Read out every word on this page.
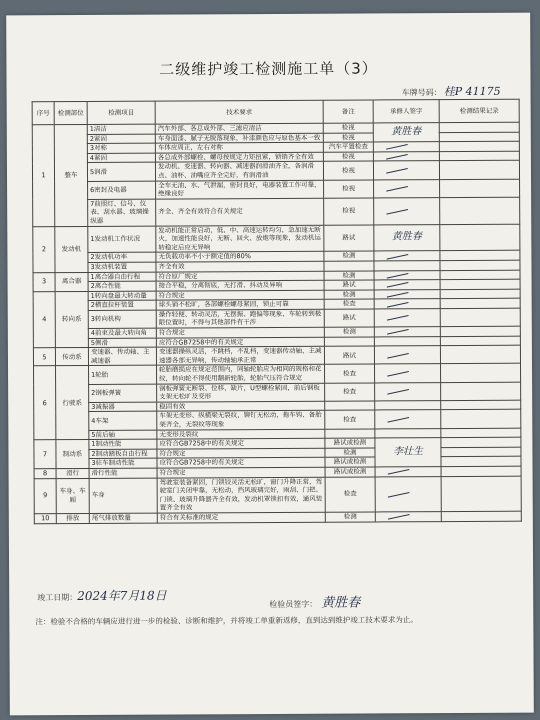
二级维护竣工检测施工单（3）
车牌号码： 桂P 41175
序号	检测部位	检测项目	技术要求	备注	承修人签字	检测结果记录
1	整车	1清洁	汽车外部、各总成外部、三滤应清洁	检视	黄胜春	
		2紧固	车身面漆、腻子无脱落现象，补漆颜色应与原色基本一致	检视		
		3对称	车体应周正，左右对称	汽车平置检查		
		4紧固	各总成外部螺栓、螺母按规定力矩扭紧，锁销齐全有效	检视		
		5润滑	发动机、变速器、转向器、减速器润滑油齐全，各润滑点、油杯、油嘴应齐全完好，有润滑油	检视		
		6密封及电器	全车无油、水、气泄漏，密封良好，电器装置工作可靠，绝缘良好	检视		
		7前照灯、信号、仪表、刮水器、玻璃操纵器	齐全、齐全有效符合有关规定	检视		
2	发动机	1发动机工作状况	发动机能正常启动，低、中、高速运转均匀，急加速无断火，加速性能良好，无断、回火、放炮等现象，发动机运转稳定后应无异响	路试	黄胜春	
		2发动机功率	无负载功率不小于额定值的80%	检测		
		3发动机装置	齐全有效			
3	离合器	1离合器自由行程	符合原厂规定	检测		
		2离合性能	接合平稳，分离彻底，无打滑、抖动及异响	路试		
4	转向系	1转向盘最大转动量	符合规定	检测		
		2横直拉杆装置	球头销不松旷，各部螺栓螺母紧固，锁止可靠	检查		
		3转向机构	操作轻便、转动灵活，无摆振、跑偏等现象，车轮转到极限位置时，不得与其他部件有干涉	路试		
		4前束及最大转向角	符合规定	检测		
		5侧滑	应符合GB7258中的有关规定			
5	传动系	变速器、传动轴、主减速器	变速器操纵灵活，不跳档，不乱档，变速器传动轴、主减速器各部无异响，传动轴轴承正常	路试		
6	行驶系	1轮胎	轮胎磨损应在规定范围内，同轴轮胎应为相同的规格和花纹，转向轮不得使用翻新轮胎，轮胎气压符合规定	检查		
		2钢板弹簧	钢板弹簧无断裂、位移、缺片，U型螺栓紧固，前后钢板支架无松旷及变形	检查		
		3减振器	稳固有效			
		4车架	车架无变形、纵横梁无裂纹，铆钉无松动，拖车钩、备胎架齐全，无裂纹等现象	检查		
		5前后轴	无变形及裂纹			
7	制动系	1制动性能	应符合GB7258中的有关规定	路试或检测	李壮生	
		2制动踏板自由行程	符合规定	检测		
		3驻车制动性能	应符合GB7258中的有关规定	路试或检测		
8	滑行	滑行性能	符合规定	路试或检测		
9	车身、车厢	车身	驾驶室装备紧固，门锁铰灵活无松旷，窗门升降正常，驾驶室门关闭牢靠，无松动，挡风玻璃完好，雨刮、门把、门锁、玻璃升降器齐全有效，发动机罩锁扣有效，通风装置齐全有效	检查		
10	排放	尾气排放数量	符合有关标准的规定	检测		
竣工日期：2024年7月18日
检验员签字： 黄胜春
注：检验不合格的车辆应进行进一步的检验、诊断和维护，并将竣工单重新返修，直到达到维护竣工技术要求为止。
